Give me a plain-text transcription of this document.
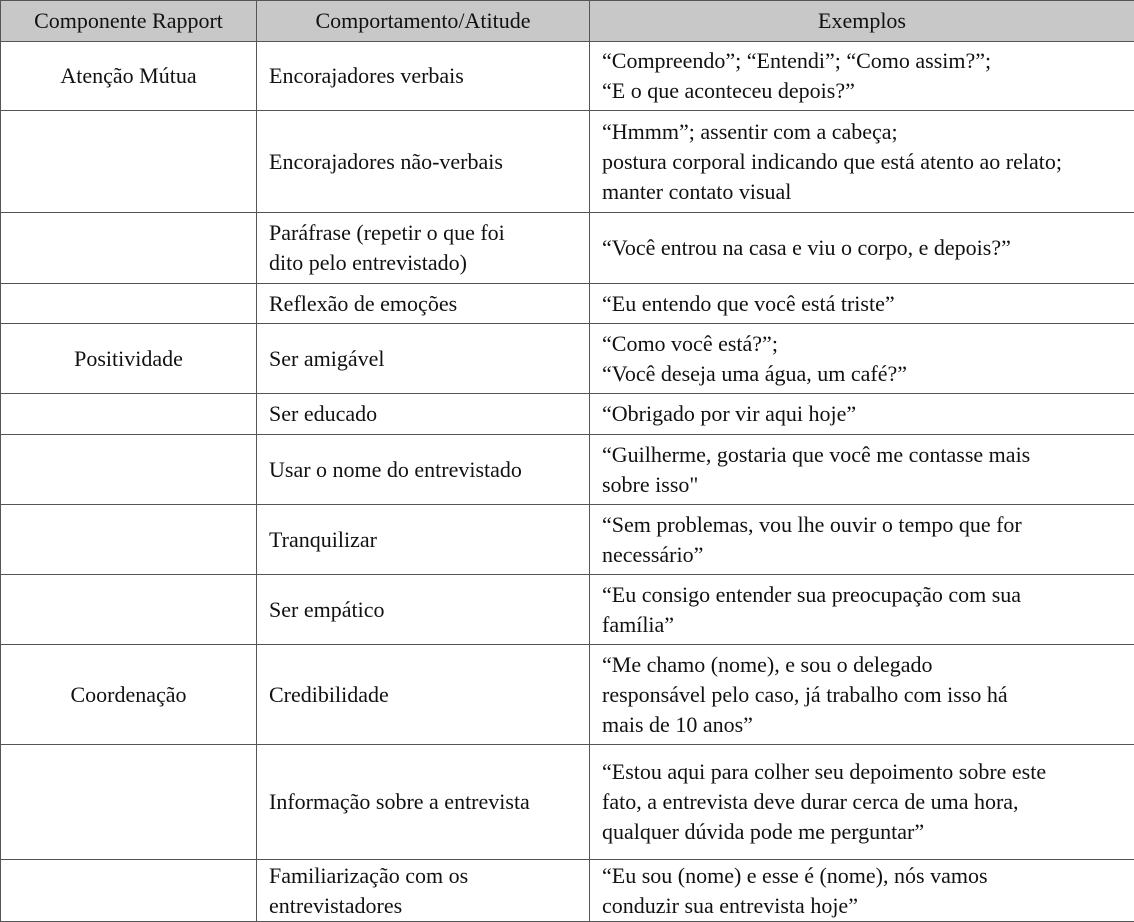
Componente Rapport	Comportamento/Atitude	Exemplos
Atenção Mútua	Encorajadores verbais	“Compreendo”; “Entendi”; “Como assim?”;
“E o que aconteceu depois?”
	Encorajadores não-verbais	“Hmmm”; assentir com a cabeça;
postura corporal indicando que está atento ao relato;
manter contato visual
	Paráfrase (repetir o que foi
dito pelo entrevistado)	“Você entrou na casa e viu o corpo, e depois?”
	Reflexão de emoções	“Eu entendo que você está triste”
Positividade	Ser amigável	“Como você está?”;
“Você deseja uma água, um café?”
	Ser educado	“Obrigado por vir aqui hoje”
	Usar o nome do entrevistado	“Guilherme, gostaria que você me contasse mais
sobre isso"
	Tranquilizar	“Sem problemas, vou lhe ouvir o tempo que for
necessário”
	Ser empático	“Eu consigo entender sua preocupação com sua
família”
Coordenação	Credibilidade	“Me chamo (nome), e sou o delegado
responsável pelo caso, já trabalho com isso há
mais de 10 anos”
	Informação sobre a entrevista	“Estou aqui para colher seu depoimento sobre este
fato, a entrevista deve durar cerca de uma hora,
qualquer dúvida pode me perguntar”
	Familiarização com os
entrevistadores	“Eu sou (nome) e esse é (nome), nós vamos
conduzir sua entrevista hoje”
